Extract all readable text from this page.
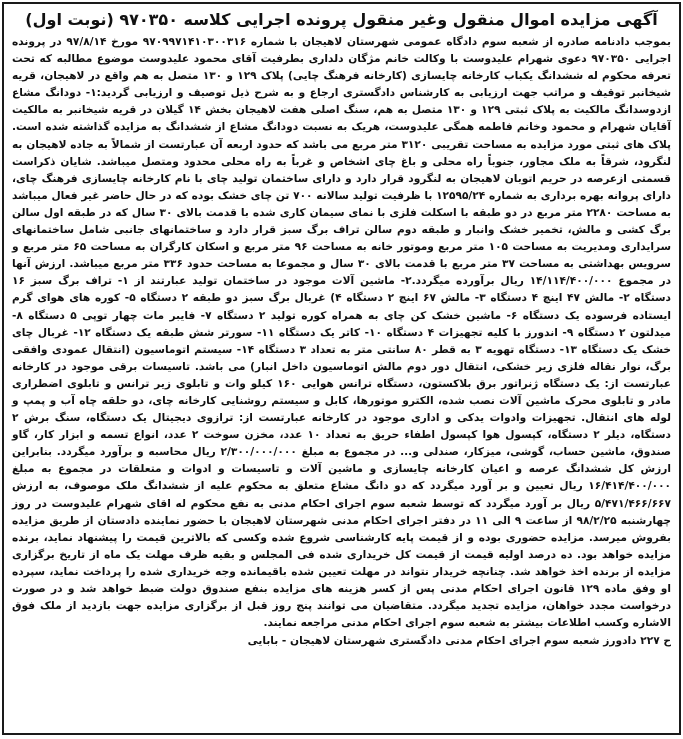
آگهی مزایده اموال منقول وغیر منقول پرونده اجرایی کلاسه ۹۷۰۳۵۰ (نوبت اول)

بموجب دادنامه صادره از شعبه سوم دادگاه عمومی شهرستان لاهیجان با شماره ۹۷۰۹۹۷۱۴۱۰۳۰۰۳۱۶ مورخ ۹۷/۸/۱۴ در پرونده اجرایی ۹۷۰۳۵۰ دعوی شهرام علیدوست با وکالت خانم مژگان دلداری بطرفیت آقای محمود علیدوست موضوع مطالبه که تحت تعرفه محکوم له ششدانگ یکباب کارخانه چایسازی (کارخانه فرهنگ چایی) پلاک ۱۲۹ و ۱۳۰ متصل به هم واقع در لاهیجان، قریه شیخانبر توقیف و مراتب جهت ارزیابی به کارشناس دادگستری ارجاع و به شرح ذیل توصیف و ارزیابی گردید:۱- دودانگ مشاع ازدوسدانگ مالکیت به پلاک ثبتی ۱۲۹ و ۱۳۰ متصل به هم، سنگ اصلی هفت لاهیجان بخش ۱۴ گیلان در قریه شیخانبر به مالکیت آقایان شهرام و محمود وخانم فاطمه همگی علیدوست، هریک به نسبت دودانگ مشاع از ششدانگ به مزایده گذاشته شده است. پلاک های ثبتی مورد مزایده به مساحت تقریبی ۳۱۲۰ متر مربع می باشد که حدود اربعه آن عبارتست از شمالاً به جاده لاهیجان به لنگرود، شرقاً به ملک مجاور، جنوباً راه محلی و باغ چای اشخاص و غرباً به راه محلی محدود ومتصل میباشد. شایان ذکراست قسمتی ازعرصه در حریم اتوبان لاهیجان به لنگرود قرار دارد و دارای ساختمان تولید چای با نام کارخانه چایسازی فرهنگ چای، دارای پروانه بهره برداری به شماره ۱۲۵۹۵/۲۴ با ظرفیت تولید سالانه ۷۰۰ تن چای خشک بوده که در حال حاضر غیر فعال میباشد به مساحت ۲۲۸۰ متر مربع در دو طبقه با اسکلت فلزی با نمای سیمان کاری شده با قدمت بالای ۳۰ سال که در طبقه اول سالن برگ کشی و مالش، تخمیر خشک وانبار و طبقه دوم سالن تراف برگ سبز قرار دارد و ساختمانهای جانبی شامل ساختمانهای سرایداری ومدیریت به مساحت ۱۰۵ متر مربع وموتور خانه به مساحت ۹۶ متر مربع و اسکان کارگران به مساحت ۶۵ متر مربع و سرویس بهداشتی به مساحت ۳۷ متر مربع با قدمت بالای ۳۰ سال و مجموعا به مساحت حدود ۳۳۶ متر مربع میباشد. ارزش آنها در مجموع ۱۴/۱۱۴/۴۰۰/۰۰۰ ریال برآورده میگردد.۲- ماشین آلات موجود در ساختمان تولید عبارتند از ۱- تراف برگ سبز ۱۶ دستگاه ۲- مالش ۴۷ اینچ ۴ دستگاه ۳- مالش ۶۷ اینچ ۲ دستگاه ۴) غربال برگ سبز دو طبقه ۲ دستگاه ۵- کوره های هوای گرم ایستاده فرسوده یک دستگاه ۶- ماشین خشک کن چای به همراه کوره تولید ۲ دستگاه ۷- فایبر مات چهار توپی ۵ دستگاه ۸- میدلتون ۲ دستگاه ۹- اندورز با کلیه تجهیزات ۴ دستگاه ۱۰- کاتر یک دستگاه ۱۱- سورتر شش طبقه یک دستگاه ۱۲- غربال چای خشک یک دستگاه ۱۳- دستگاه تهویه ۳ به قطر ۸۰ سانتی متر به تعداد ۳ دستگاه ۱۴- سیستم اتوماسیون (انتقال عمودی وافقی برگ، نوار نقاله فلزی زیر خشکی، انتقال دور دوم مالش اتوماسیون داخل انبار) می باشد. تاسیسات برقی موجود در کارخانه عبارتست از: یک دستگاه ژنراتور برق بلاکستون، دستگاه ترانس هوایی ۱۶۰ کیلو وات و تابلوی زیر ترانس و تابلوی اضطراری مادر و تابلوی محرک ماشین آلات نصب شده، الکترو موتورها، کابل و سیستم روشنایی کارخانه چای، دو حلقه چاه آب و پمپ و لوله های انتقال. تجهیزات وادوات یدکی و اداری موجود در کارخانه عبارتست از: ترازوی دیجیتال یک دستگاه، سنگ برش ۲ دستگاه، دیلر ۲ دستگاه، کپسول هوا کپسول اطفاء حریق به تعداد ۱۰ عدد، مخزن سوخت ۲ عدد، انواع تسمه و ابزار کار، گاو صندوق، ماشین حساب، گوشی، میزکار، صندلی و... در مجموع به مبلغ ۲/۳۰۰/۰۰۰/۰۰۰ ریال محاسبه و برآورد میگردد. بنابراین ارزش کل ششدانگ عرصه و اعیان کارخانه چایسازی و ماشین آلات و تاسیسات و ادوات و متعلقات در مجموع به مبلغ ۱۶/۴۱۴/۴۰۰/۰۰۰ ریال تعیین و بر آورد میگردد که دو دانگ مشاع متعلق به محکوم علیه از ششدانگ ملک موصوف، به ارزش ۵/۴۷۱/۴۶۶/۶۶۷ ریال بر آورد میگردد که توسط شعبه سوم اجرای احکام مدنی به نفع محکوم له اقای شهرام علیدوست در روز چهارشنبه ۹۸/۲/۲۵ از ساعت ۹ الی ۱۱ در دفتر اجرای احکام مدنی شهرستان لاهیجان با حضور نماینده دادستان از طریق مزایده بفروش میرسد. مزایده حضوری بوده و از قیمت پایه کارشناسی شروع شده وکسی که بالاترین قیمت را پیشنهاد نماید، برنده مزایده خواهد بود. ده درصد اولیه قیمت از قیمت کل خریداری شده فی المجلس و بقیه ظرف مهلت یک ماه از تاریخ برگزاری مزایده از برنده اخذ خواهد شد. چنانچه خریدار نتواند در مهلت تعیین شده باقیمانده وجه خریداری شده را پرداخت نماید، سپرده او وفق ماده ۱۲۹ قانون اجرای احکام مدنی پس از کسر هزینه های مزایده بنفع صندوق دولت ضبط خواهد شد و در صورت درخواست مجدد خواهان، مزایده تجدید میگردد. متقاضیان می توانند پنج روز قبل از برگزاری مزایده جهت بازدید از ملک فوق الاشاره وکسب اطلاعات بیشتر به شعبه سوم اجرای احکام مدنی مراجعه نمایند.

ح ۲۲۷ دادورز شعبه سوم اجرای احکام مدنی دادگستری شهرستان لاهیجان - بابایی
